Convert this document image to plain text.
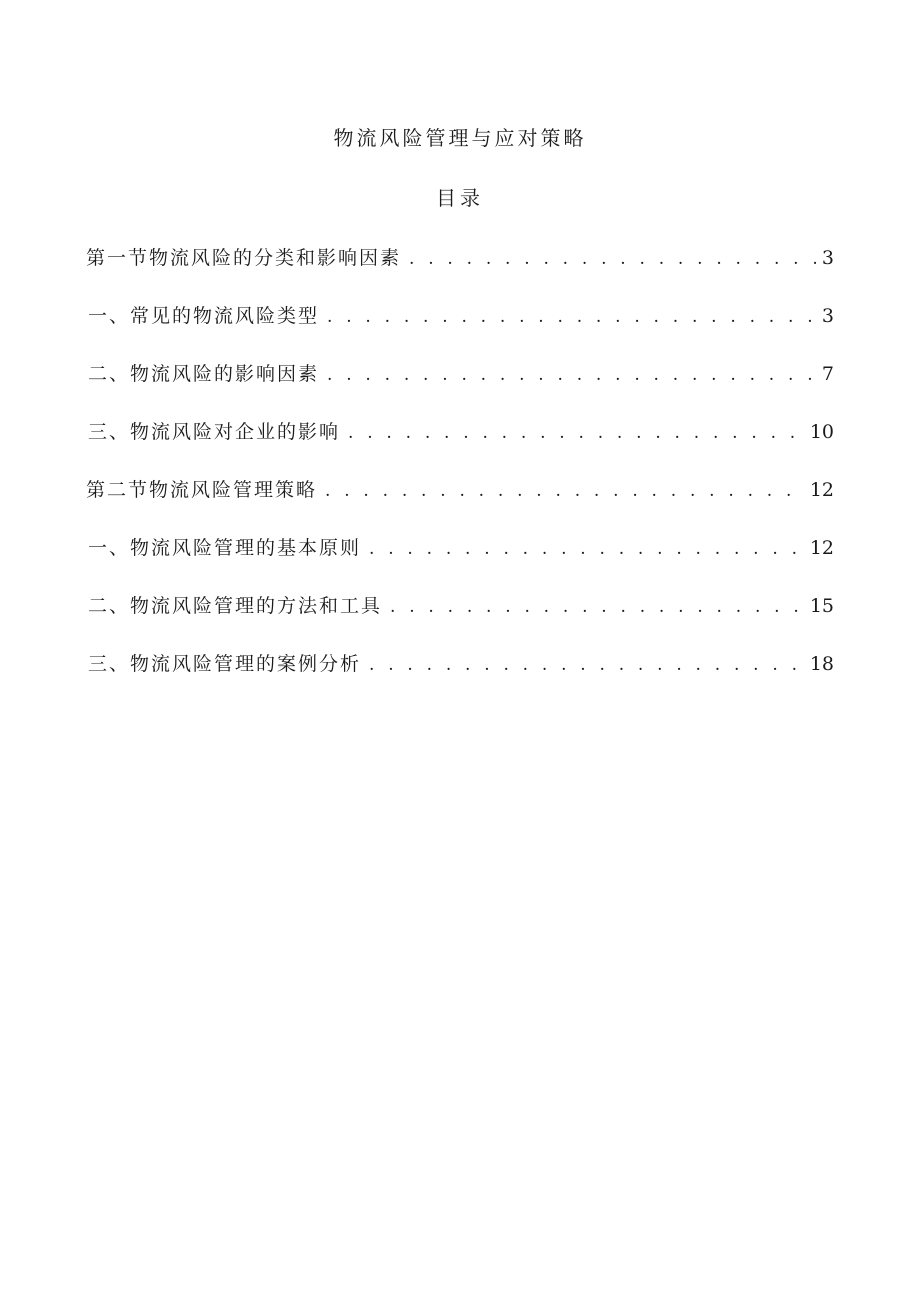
物流风险管理与应对策略
目录
第一节物流风险的分类和影响因素 . . .	3
一、常见的物流风险类型 . . .	3
二、物流风险的影响因素 . . .	7
三、物流风险对企业的影响 . . .	10
第二节物流风险管理策略 . . .	12
一、物流风险管理的基本原则 . . .	12
二、物流风险管理的方法和工具 . . .	15
三、物流风险管理的案例分析 . . .	18
